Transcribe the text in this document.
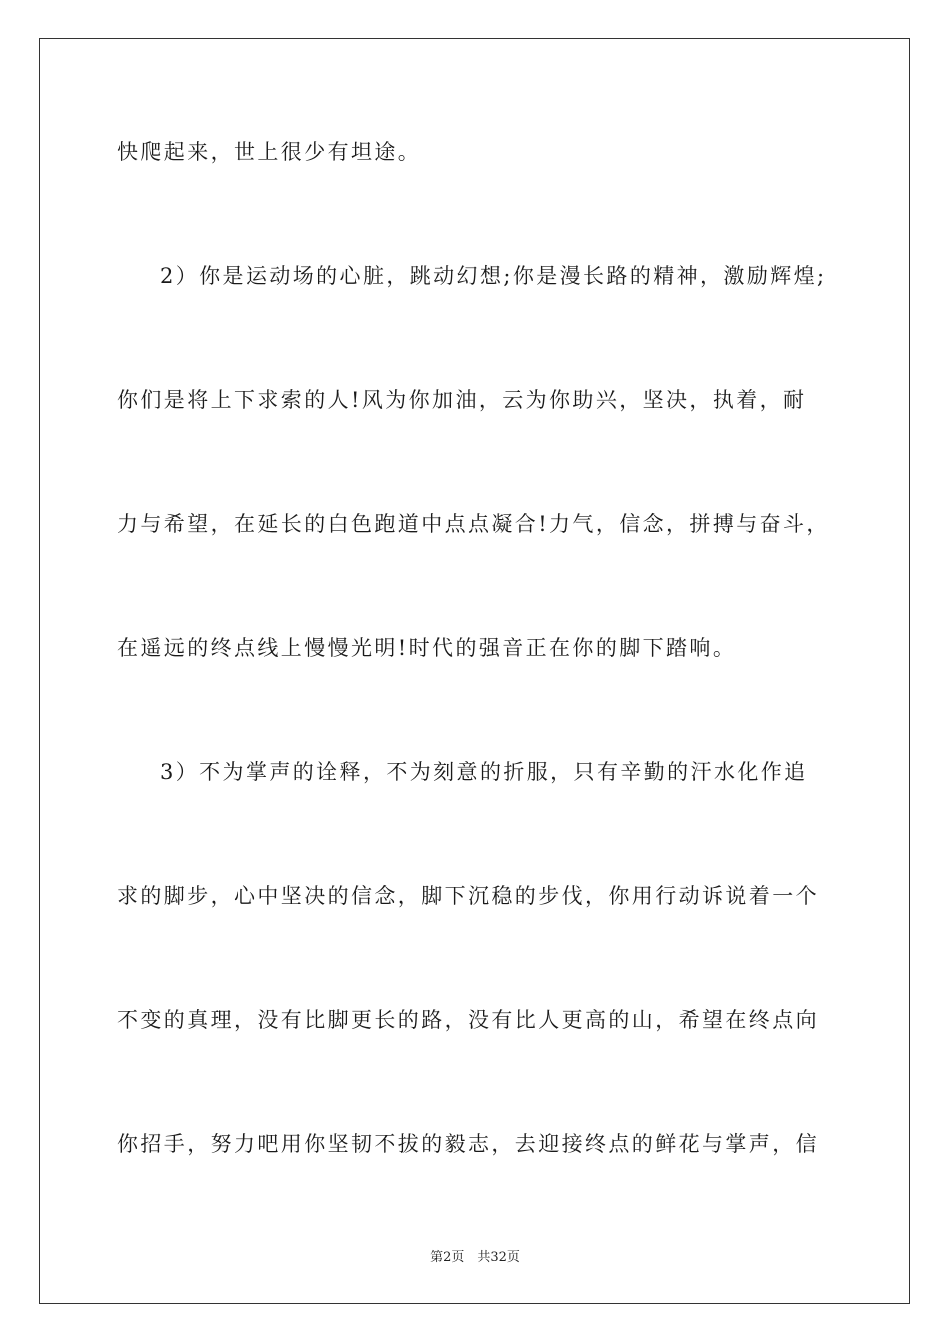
快爬起来，世上很少有坦途。

2）你是运动场的心脏，跳动幻想;你是漫长路的精神，激励辉煌;

你们是将上下求索的人!风为你加油，云为你助兴，坚决，执着，耐

力与希望，在延长的白色跑道中点点凝合!力气，信念，拼搏与奋斗，

在遥远的终点线上慢慢光明!时代的强音正在你的脚下踏响。

3）不为掌声的诠释，不为刻意的折服，只有辛勤的汗水化作追

求的脚步，心中坚决的信念，脚下沉稳的步伐，你用行动诉说着一个

不变的真理，没有比脚更长的路，没有比人更高的山，希望在终点向

你招手，努力吧用你坚韧不拔的毅志，去迎接终点的鲜花与掌声，信

第2页　共32页
